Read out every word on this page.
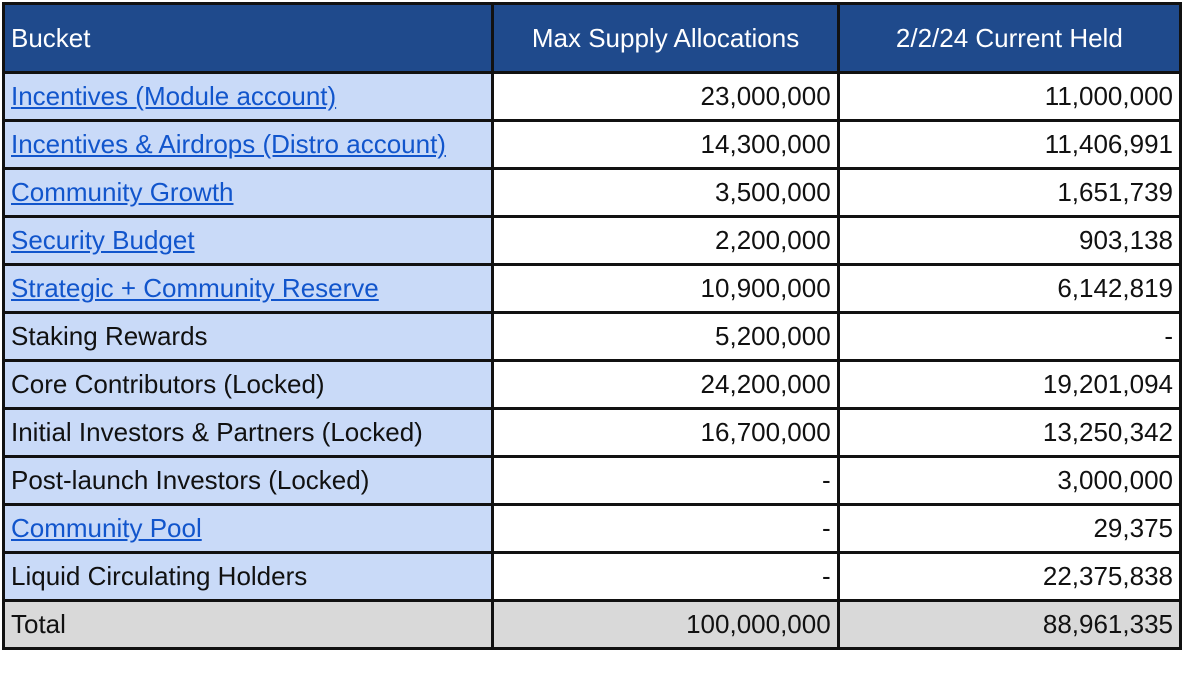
Bucket	Max Supply Allocations	2/2/24 Current Held
Incentives (Module account)	23,000,000	11,000,000
Incentives & Airdrops (Distro account)	14,300,000	11,406,991
Community Growth	3,500,000	1,651,739
Security Budget	2,200,000	903,138
Strategic + Community Reserve	10,900,000	6,142,819
Staking Rewards	5,200,000	-
Core Contributors (Locked)	24,200,000	19,201,094
Initial Investors & Partners (Locked)	16,700,000	13,250,342
Post-launch Investors (Locked)	-	3,000,000
Community Pool	-	29,375
Liquid Circulating Holders	-	22,375,838
Total	100,000,000	88,961,335
